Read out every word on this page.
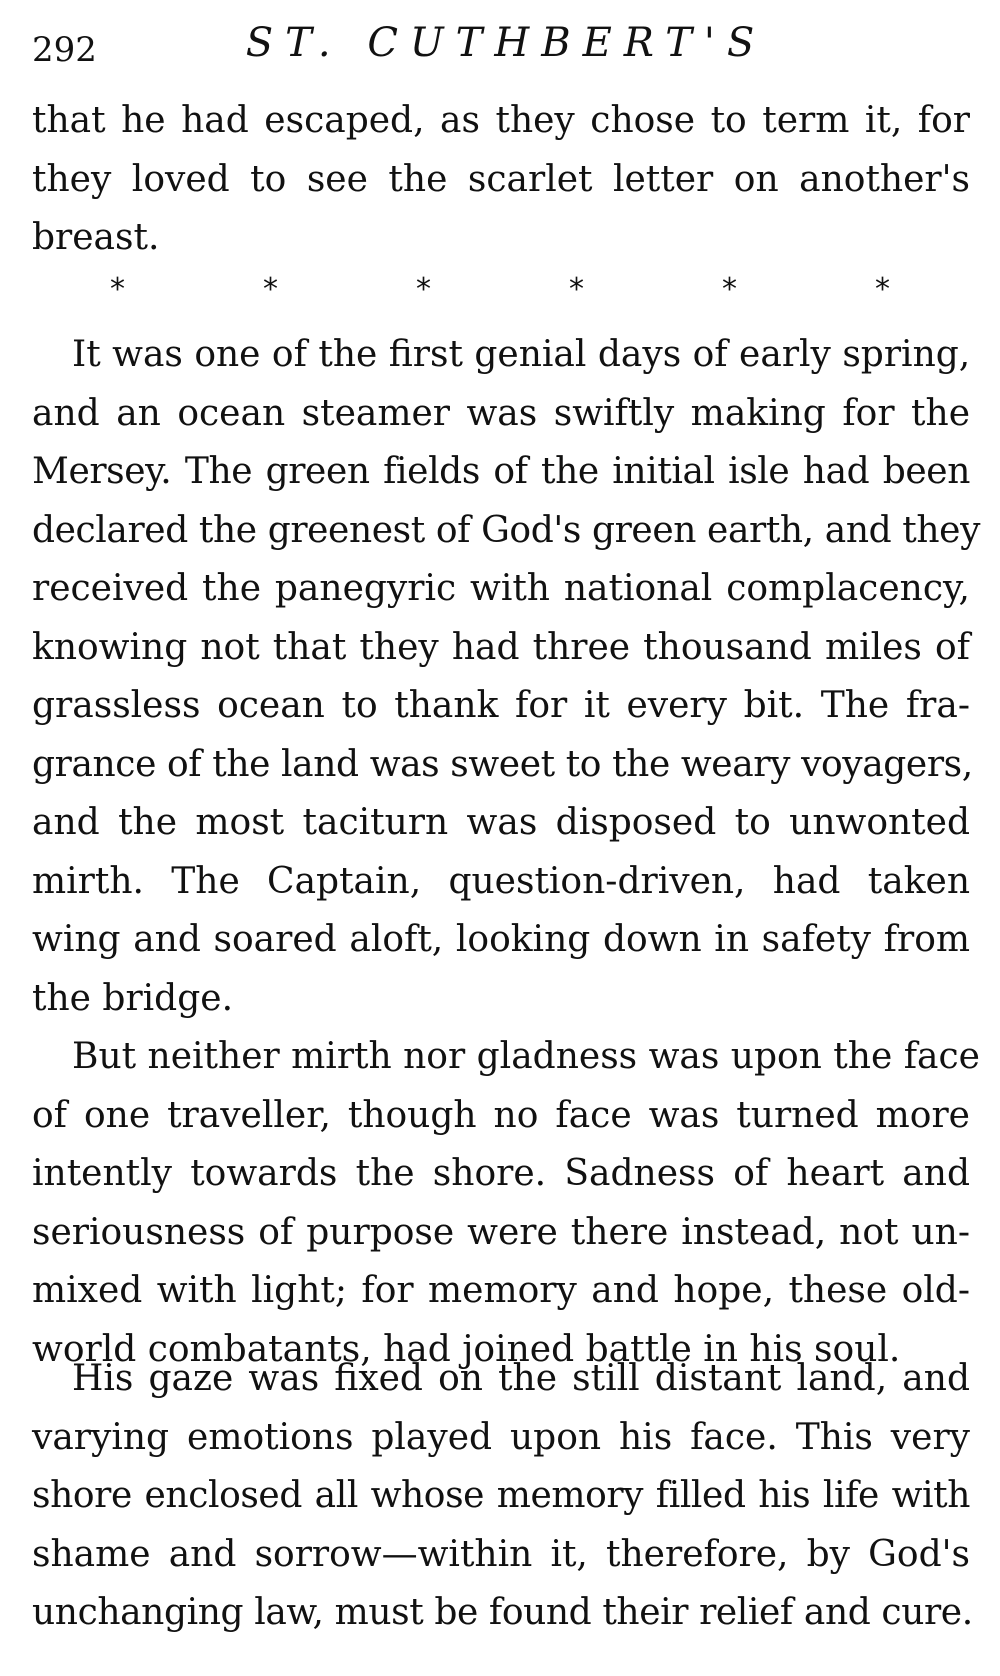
292	ST. CUTHBERT'S
that he had escaped, as they chose to term it, for
they loved to see the scarlet letter on another's
breast.
*	*	*	*	*	*
It was one of the first genial days of early spring,
and an ocean steamer was swiftly making for the
Mersey. The green fields of the initial isle had been
declared the greenest of God's green earth, and they
received the panegyric with national complacency,
knowing not that they had three thousand miles of
grassless ocean to thank for it every bit. The fra-
grance of the land was sweet to the weary voyagers,
and the most taciturn was disposed to unwonted
mirth. The Captain, question-driven, had taken
wing and soared aloft, looking down in safety from
the bridge.
But neither mirth nor gladness was upon the face
of one traveller, though no face was turned more
intently towards the shore. Sadness of heart and
seriousness of purpose were there instead, not un-
mixed with light; for memory and hope, these old-
world combatants, had joined battle in his soul.
His gaze was fixed on the still distant land, and
varying emotions played upon his face. This very
shore enclosed all whose memory filled his life with
shame and sorrow—within it, therefore, by God's
unchanging law, must be found their relief and cure.
